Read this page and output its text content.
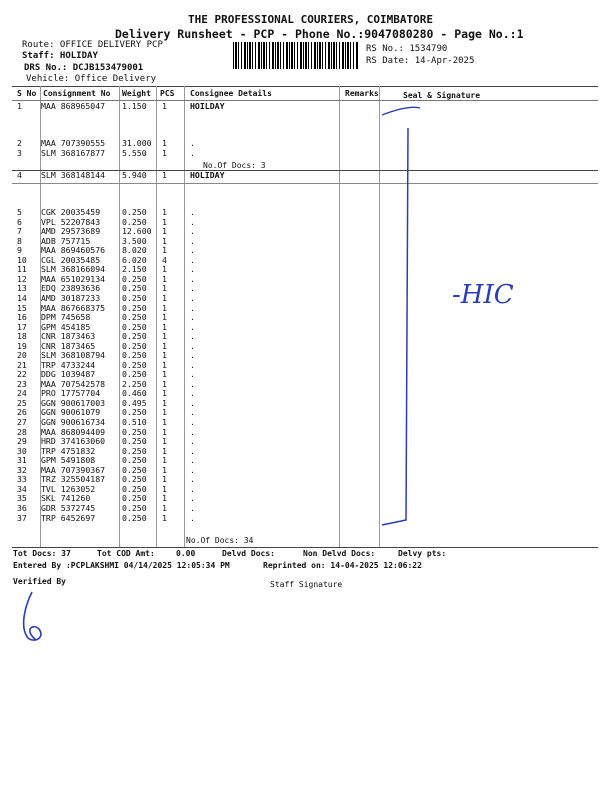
THE PROFESSIONAL COURIERS, COIMBATORE
Delivery Runsheet - PCP - Phone No.:9047080280 - Page No.:1
Route: OFFICE DELIVERY PCP
Staff: HOLIDAY
DRS No.: DCJB153479001
Vehicle: Office Delivery
RS No.: 1534790
RS Date: 14-Apr-2025
S No Consignment No Weight PCS Consignee Details	Remarks	Seal & Signature
No.Of Docs: 3
1 MAA 868965047 1.150 1	HOILDAY
2 MAA 707390555 31.000 1	.
3 SLM 368167877 5.550 1	.
4 SLM 368148144 5.940 1	HOLIDAY
5 CGK 20035459	0.250 1	.
6 VPL 52207843	0.250 1	.
7 AMD 29573689	12.600 1	.
8 ADB 757715	3.500 1	.
9 MAA 869460576 8.020 1	.
10 CGL 20035485	6.020 4	.
11 SLM 368166094 2.150 1	.
12 MAA 651029134 0.250 1	.
13 EDQ 23893636	0.250 1	.
14 AMD 30187233	0.250 1	.
15 MAA 867668375 0.250 1	.
16 DPM 745658	0.250 1	.
17 GPM 454185	0.250 1	.
18 CNR 1873463	0.250 1	.
19 CNR 1873465	0.250 1	.
20 SLM 368108794 0.250 1	.
21 TRP 4733244	0.250 1	.
22 DDG 1039487	0.250 1	.
23 MAA 707542578 2.250 1	.
24 PRO 17757704	0.460 1	.
25 GGN 900617003 0.495 1	.
26 GGN 90061079	0.250 1	.
27 GGN 900616734 0.510 1	.
28 MAA 868094409 0.250 1	.
29 HRD 374163060 0.250 1	.
30 TRP 4751832	0.250 1	.
31 GPM 5491808	0.250 1	.
32 MAA 707390367 0.250 1	.
33 TRZ 325504187 0.250 1	.
34 TVL 1263052	0.250 1	.
35 SKL 741260	0.250 1	.
36 GDR 5372745	0.250 1	.
37 TRP 6452697	0.250 1	.
No.Of Docs: 34
-HIC
Tot Docs: 37	Tot COD Amt:	0.00	Delvd Docs:	Non Delvd Docs:	Delvy pts:
Entered By :PCPLAKSHMI 04/14/2025 12:05:34 PM	Reprinted on: 14-04-2025 12:06:22
Verified By	Staff Signature
